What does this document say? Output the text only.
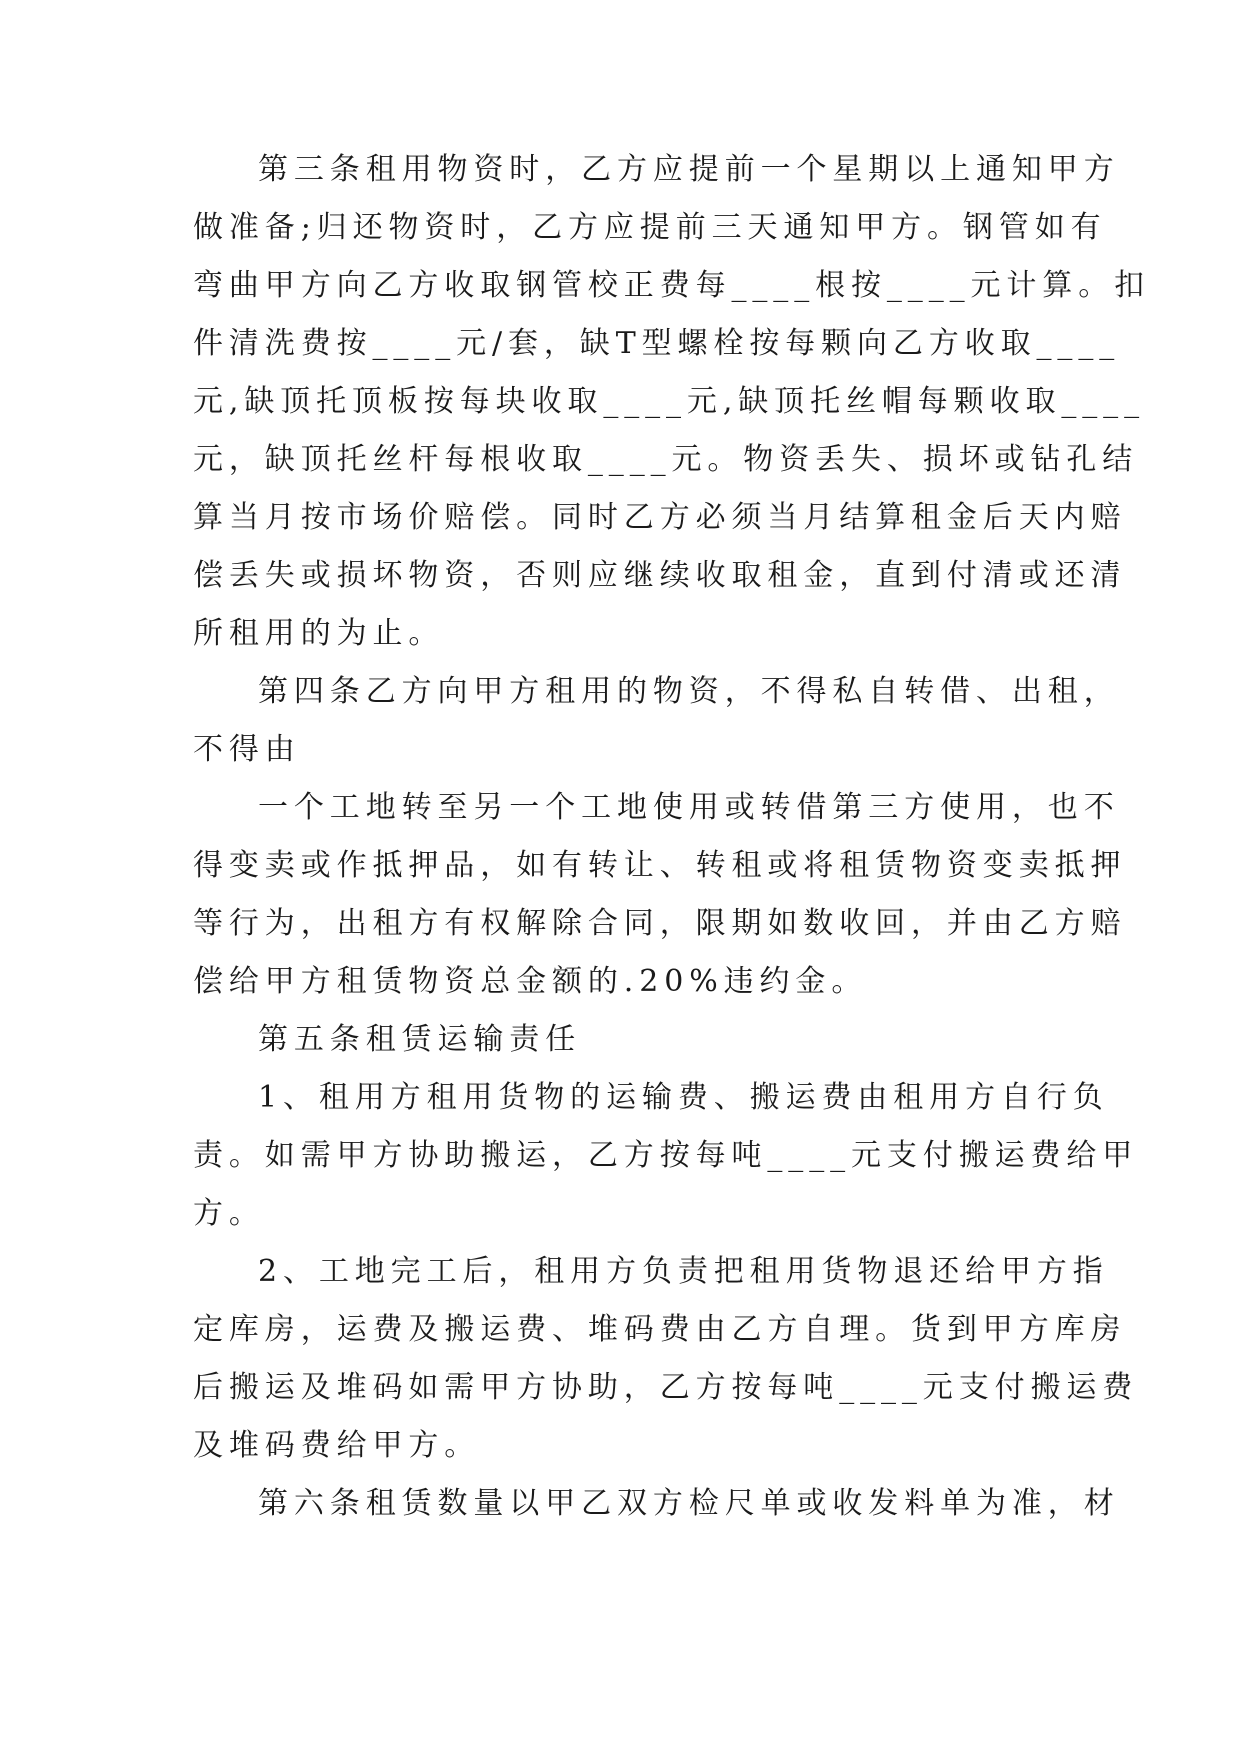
第三条租用物资时，乙方应提前一个星期以上通知甲方
做准备;归还物资时，乙方应提前三天通知甲方。钢管如有
弯曲甲方向乙方收取钢管校正费每____根按____元计算。扣
件清洗费按____元/套，缺T型螺栓按每颗向乙方收取____
元,缺顶托顶板按每块收取____元,缺顶托丝帽每颗收取____
元，缺顶托丝杆每根收取____元。物资丢失、损坏或钻孔结
算当月按市场价赔偿。同时乙方必须当月结算租金后天内赔
偿丢失或损坏物资，否则应继续收取租金，直到付清或还清
所租用的为止。
第四条乙方向甲方租用的物资，不得私自转借、出租，
不得由
一个工地转至另一个工地使用或转借第三方使用，也不
得变卖或作抵押品，如有转让、转租或将租赁物资变卖抵押
等行为，出租方有权解除合同，限期如数收回，并由乙方赔
偿给甲方租赁物资总金额的.20%违约金。
第五条租赁运输责任
1、租用方租用货物的运输费、搬运费由租用方自行负
责。如需甲方协助搬运，乙方按每吨____元支付搬运费给甲
方。
2、工地完工后，租用方负责把租用货物退还给甲方指
定库房，运费及搬运费、堆码费由乙方自理。货到甲方库房
后搬运及堆码如需甲方协助，乙方按每吨____元支付搬运费
及堆码费给甲方。
第六条租赁数量以甲乙双方检尺单或收发料单为准，材
